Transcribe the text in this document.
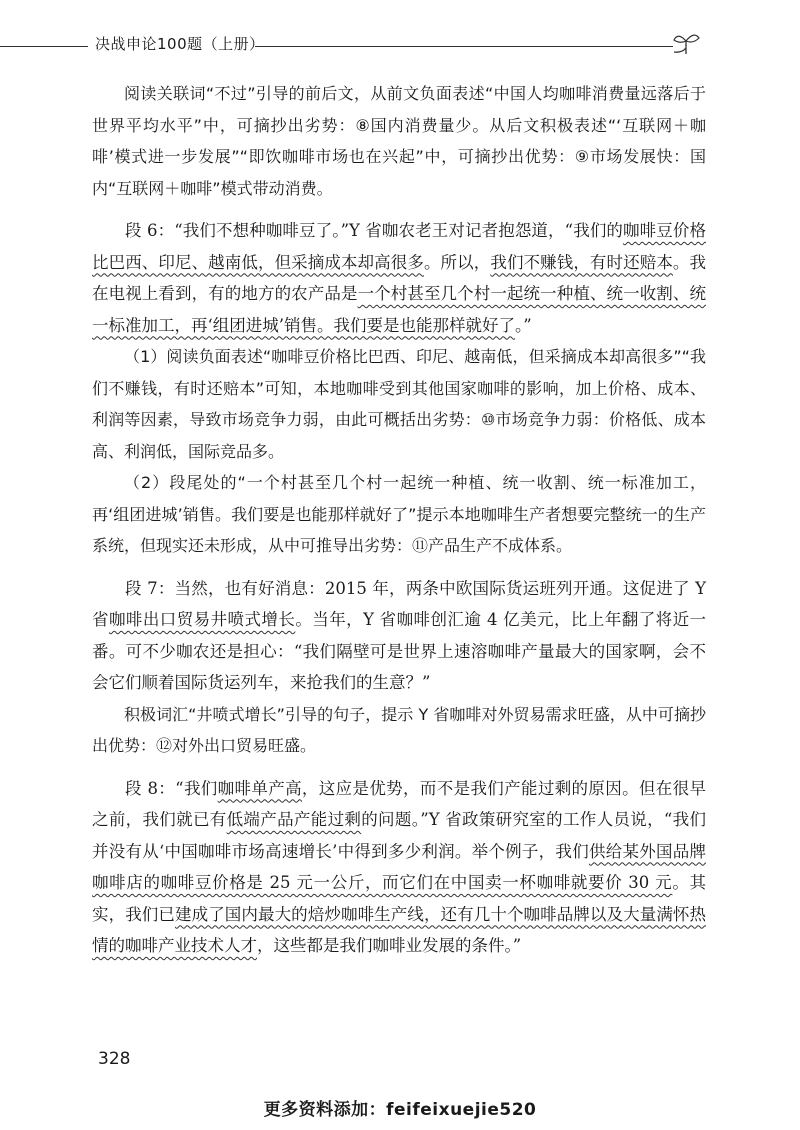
决战申论100题（上册）

阅读关联词“不过”引导的前后文，从前文负面表述“中国人均咖啡消费量远落后于世界平均水平”中，可摘抄出劣势：⑧国内消费量少。从后文积极表述“‘互联网＋咖啡’模式进一步发展”“即饮咖啡市场也在兴起”中，可摘抄出优势：⑨市场发展快：国内“互联网＋咖啡”模式带动消费。

段 6：“我们不想种咖啡豆了。”Y 省咖农老王对记者抱怨道，“我们的咖啡豆价格比巴西、印尼、越南低，但采摘成本却高很多。所以，我们不赚钱，有时还赔本。我在电视上看到，有的地方的农产品是一个村甚至几个村一起统一种植、统一收割、统一标准加工，再‘组团进城’销售。我们要是也能那样就好了。”

（1）阅读负面表述“咖啡豆价格比巴西、印尼、越南低，但采摘成本却高很多”“我们不赚钱，有时还赔本”可知，本地咖啡受到其他国家咖啡的影响，加上价格、成本、利润等因素，导致市场竞争力弱，由此可概括出劣势：⑩市场竞争力弱：价格低、成本高、利润低，国际竞品多。

（2）段尾处的“一个村甚至几个村一起统一种植、统一收割、统一标准加工，再‘组团进城’销售。我们要是也能那样就好了”提示本地咖啡生产者想要完整统一的生产系统，但现实还未形成，从中可推导出劣势：⑪产品生产不成体系。

段 7：当然，也有好消息：2015 年，两条中欧国际货运班列开通。这促进了 Y 省咖啡出口贸易井喷式增长。当年，Y 省咖啡创汇逾 4 亿美元，比上年翻了将近一番。可不少咖农还是担心：“我们隔壁可是世界上速溶咖啡产量最大的国家啊，会不会它们顺着国际货运列车，来抢我们的生意？”

积极词汇“井喷式增长”引导的句子，提示 Y 省咖啡对外贸易需求旺盛，从中可摘抄出优势：⑫对外出口贸易旺盛。

段 8：“我们咖啡单产高，这应是优势，而不是我们产能过剩的原因。但在很早之前，我们就已有低端产品产能过剩的问题。”Y 省政策研究室的工作人员说，“我们并没有从‘中国咖啡市场高速增长’中得到多少利润。举个例子，我们供给某外国品牌咖啡店的咖啡豆价格是 25 元一公斤，而它们在中国卖一杯咖啡就要价 30 元。其实，我们已建成了国内最大的焙炒咖啡生产线，还有几十个咖啡品牌以及大量满怀热情的咖啡产业技术人才，这些都是我们咖啡业发展的条件。”

328
更多资料添加：feifeixuejie520
